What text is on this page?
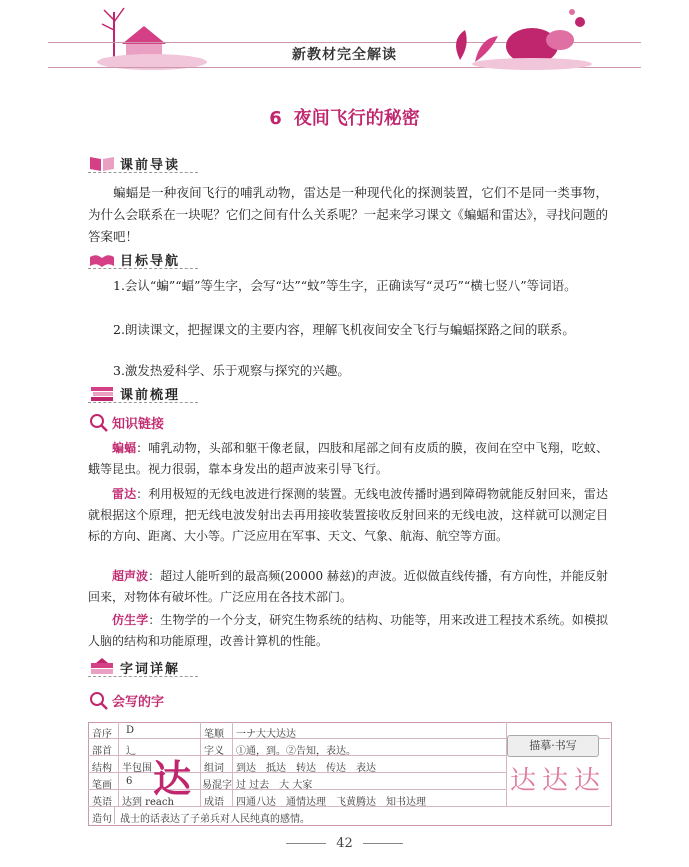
新教材完全解读
6 夜间飞行的秘密
课前导读
蝙蝠是一种夜间飞行的哺乳动物，雷达是一种现代化的探测装置，它们不是同一类事物，为什么会联系在一块呢？它们之间有什么关系呢？一起来学习课文《蝙蝠和雷达》，寻找问题的答案吧！
目标导航
1.会认“蝙”“蝠”等生字，会写“达”“蚊”等生字，正确读写“灵巧”“横七竖八”等词语。
2.朗读课文，把握课文的主要内容，理解飞机夜间安全飞行与蝙蝠探路之间的联系。
3.激发热爱科学、乐于观察与探究的兴趣。
课前梳理
知识链接
蝙蝠：哺乳动物，头部和躯干像老鼠，四肢和尾部之间有皮质的膜，夜间在空中飞翔，吃蚊、蛾等昆虫。视力很弱，靠本身发出的超声波来引导飞行。
雷达：利用极短的无线电波进行探测的装置。无线电波传播时遇到障碍物就能反射回来，雷达就根据这个原理，把无线电波发射出去再用接收装置接收反射回来的无线电波，这样就可以测定目标的方向、距离、大小等。广泛应用在军事、天文、气象、航海、航空等方面。
超声波：超过人能听到的最高频(20000 赫兹)的声波。近似做直线传播，有方向性，并能反射回来，对物体有破坏性。广泛应用在各技术部门。
仿生学：生物学的一个分支，研究生物系统的结构、功能等，用来改进工程技术系统。如模拟人脑的结构和功能原理，改善计算机的性能。
字词详解
会写的字
音序
部首
结构
笔画
英语
造句
D
辶
半包围
6
达到 reach
达
笔顺
字义
组词
易混字
成语
一ナ大大达达
①通，到。②告知，表达。
到达　抵达　转达　传达　表达
过 过去　大 大家
四通八达　通情达理　飞黄腾达　知书达理
战士的话表达了子弟兵对人民纯真的感情。
描摹·书写
达 达 达
42
